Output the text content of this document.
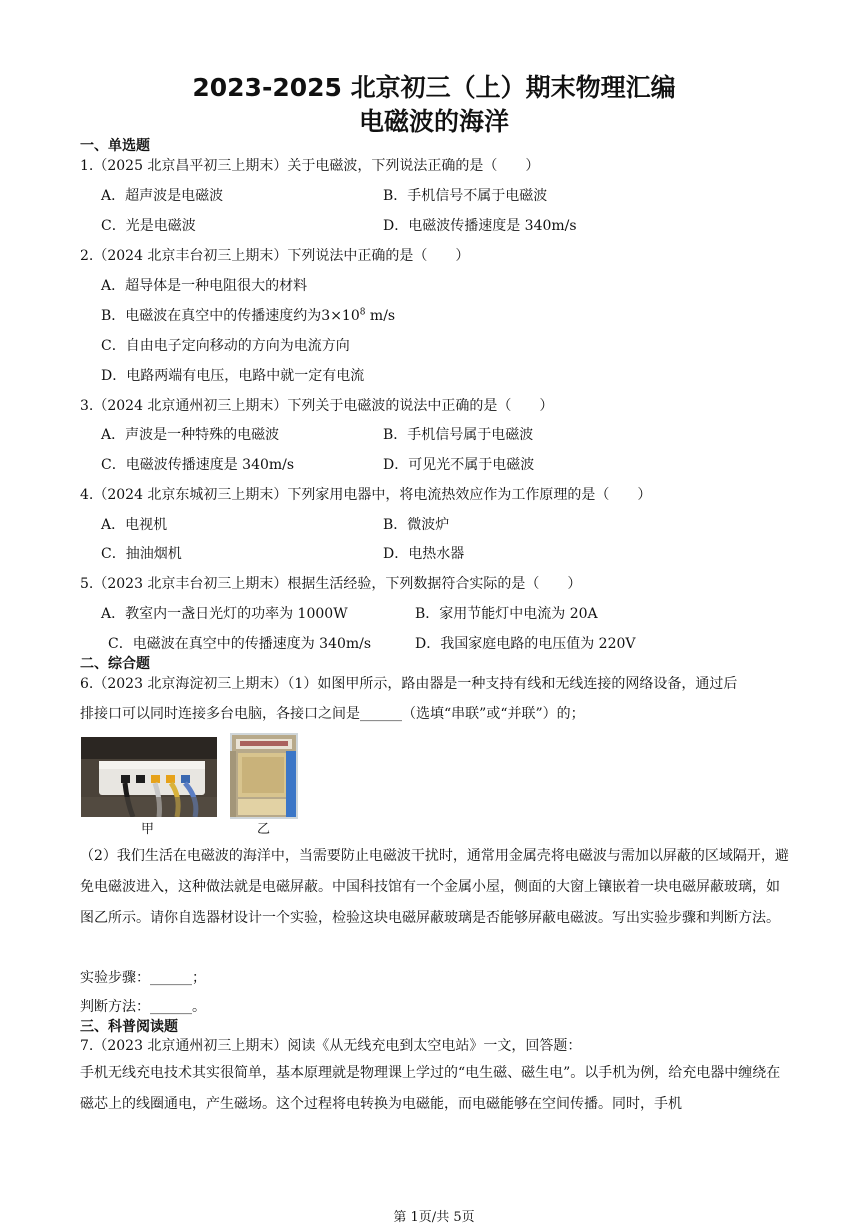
2023-2025 北京初三（上）期末物理汇编
电磁波的海洋
一、单选题
1.（2025 北京昌平初三上期末）关于电磁波，下列说法正确的是（　　）
A．超声波是电磁波	B．手机信号不属于电磁波
C．光是电磁波	D．电磁波传播速度是 340m/s
2.（2024 北京丰台初三上期末）下列说法中正确的是（　　）
A．超导体是一种电阻很大的材料
B．电磁波在真空中的传播速度约为$3\times 10^8$ m/s
C．自由电子定向移动的方向为电流方向
D．电路两端有电压，电路中就一定有电流
3.（2024 北京通州初三上期末）下列关于电磁波的说法中正确的是（　　）
A．声波是一种特殊的电磁波	B．手机信号属于电磁波
C．电磁波传播速度是 340m/s	D．可见光不属于电磁波
4.（2024 北京东城初三上期末）下列家用电器中，将电流热效应作为工作原理的是（　　）
A．电视机	B．微波炉
C．抽油烟机	D．电热水器
5.（2023 北京丰台初三上期末）根据生活经验，下列数据符合实际的是（　　）
A．教室内一盏日光灯的功率为 1000W	B．家用节能灯中电流为 20A
C．电磁波在真空中的传播速度为 340m/s	D．我国家庭电路的电压值为 220V
二、综合题
6.（2023 北京海淀初三上期末）（1）如图甲所示，路由器是一种支持有线和无线连接的网络设备，通过后
排接口可以同时连接多台电脑，各接口之间是______（选填“串联”或“并联”）的；
甲	乙
（2）我们生活在电磁波的海洋中，当需要防止电磁波干扰时，通常用金属壳将电磁波与需加以屏蔽的区域隔开，避免电磁波进入，这种做法就是电磁屏蔽。中国科技馆有一个金属小屋，侧面的大窗上镶嵌着一块电磁屏蔽玻璃，如图乙所示。请你自选器材设计一个实验，检验这块电磁屏蔽玻璃是否能够屏蔽电磁波。写出实验步骤和判断方法。
实验步骤：______；
判断方法：______。
三、科普阅读题
7.（2023 北京通州初三上期末）阅读《从无线充电到太空电站》一文，回答题：
手机无线充电技术其实很简单，基本原理就是物理课上学过的“电生磁、磁生电”。以手机为例，给充电器中缠绕在磁芯上的线圈通电，产生磁场。这个过程将电转换为电磁能，而电磁能够在空间传播。同时，手机
第 1页/共 5页
